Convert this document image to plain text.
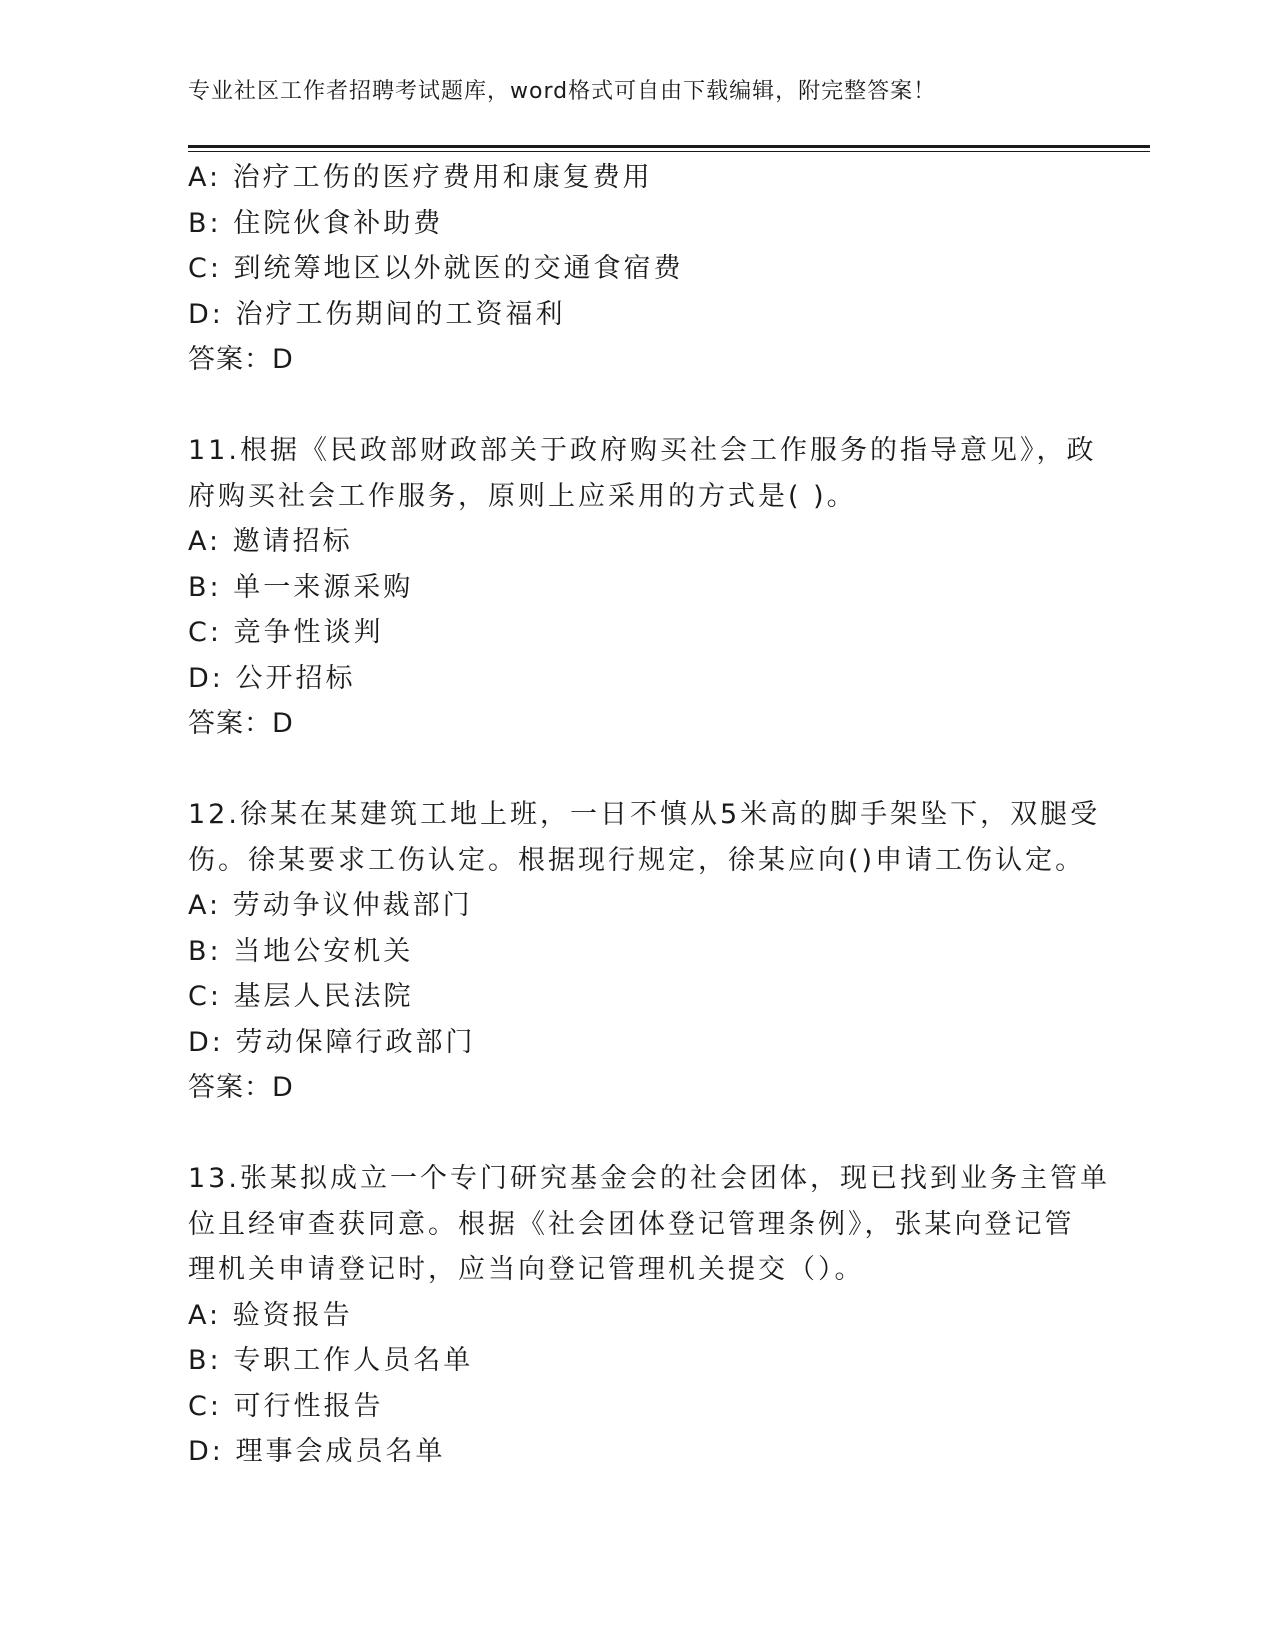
专业社区工作者招聘考试题库，word格式可自由下载编辑，附完整答案！
A: 治疗工伤的医疗费用和康复费用
B: 住院伙食补助费
C: 到统筹地区以外就医的交通食宿费
D: 治疗工伤期间的工资福利
答案：D
11.根据《民政部财政部关于政府购买社会工作服务的指导意见》，政
府购买社会工作服务，原则上应采用的方式是( )。
A: 邀请招标
B: 单一来源采购
C: 竞争性谈判
D: 公开招标
答案：D
12.徐某在某建筑工地上班，一日不慎从5米高的脚手架坠下，双腿受
伤。徐某要求工伤认定。根据现行规定，徐某应向()申请工伤认定。
A: 劳动争议仲裁部门
B: 当地公安机关
C: 基层人民法院
D: 劳动保障行政部门
答案：D
13.张某拟成立一个专门研究基金会的社会团体，现已找到业务主管单
位且经审查获同意。根据《社会团体登记管理条例》，张某向登记管
理机关申请登记时，应当向登记管理机关提交（）。
A: 验资报告
B: 专职工作人员名单
C: 可行性报告
D: 理事会成员名单
